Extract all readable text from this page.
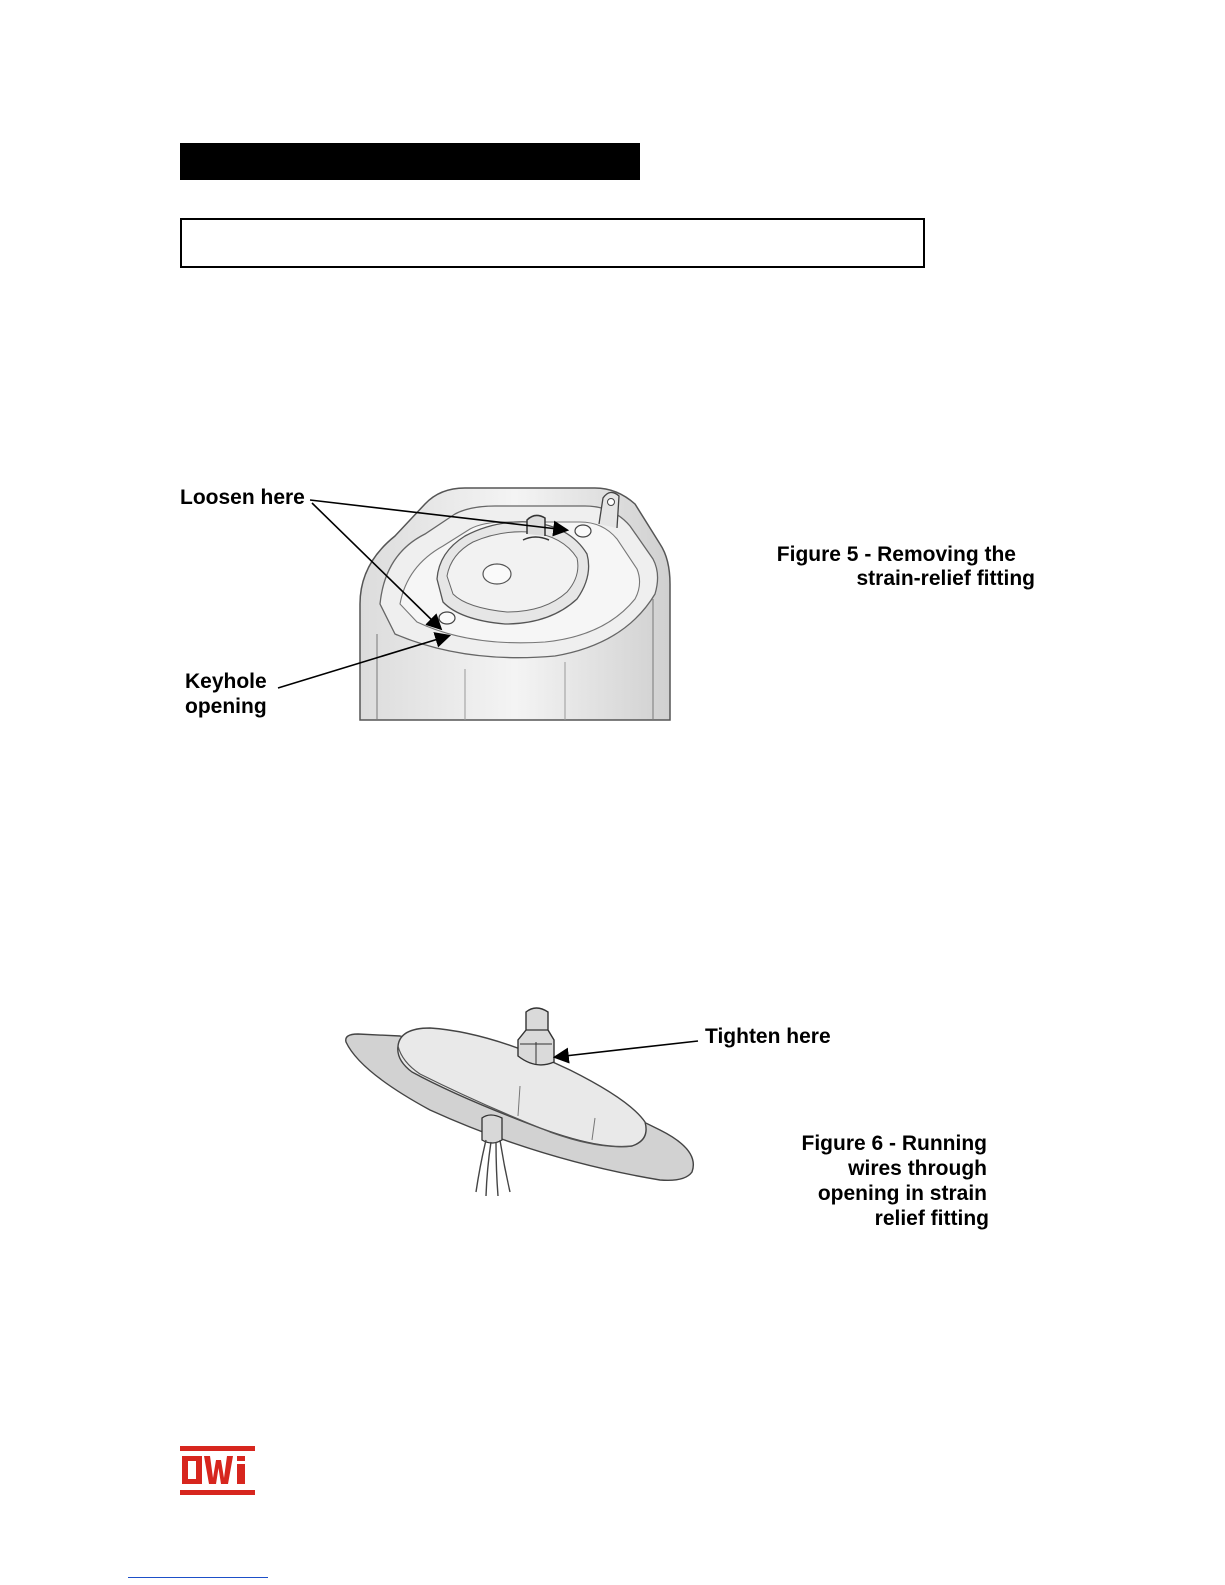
Loosen here
Keyhole
opening
Figure 5 - Removing the
strain-relief fitting
Tighten here
Figure 6 - Running
wires through
opening in strain
relief fitting
